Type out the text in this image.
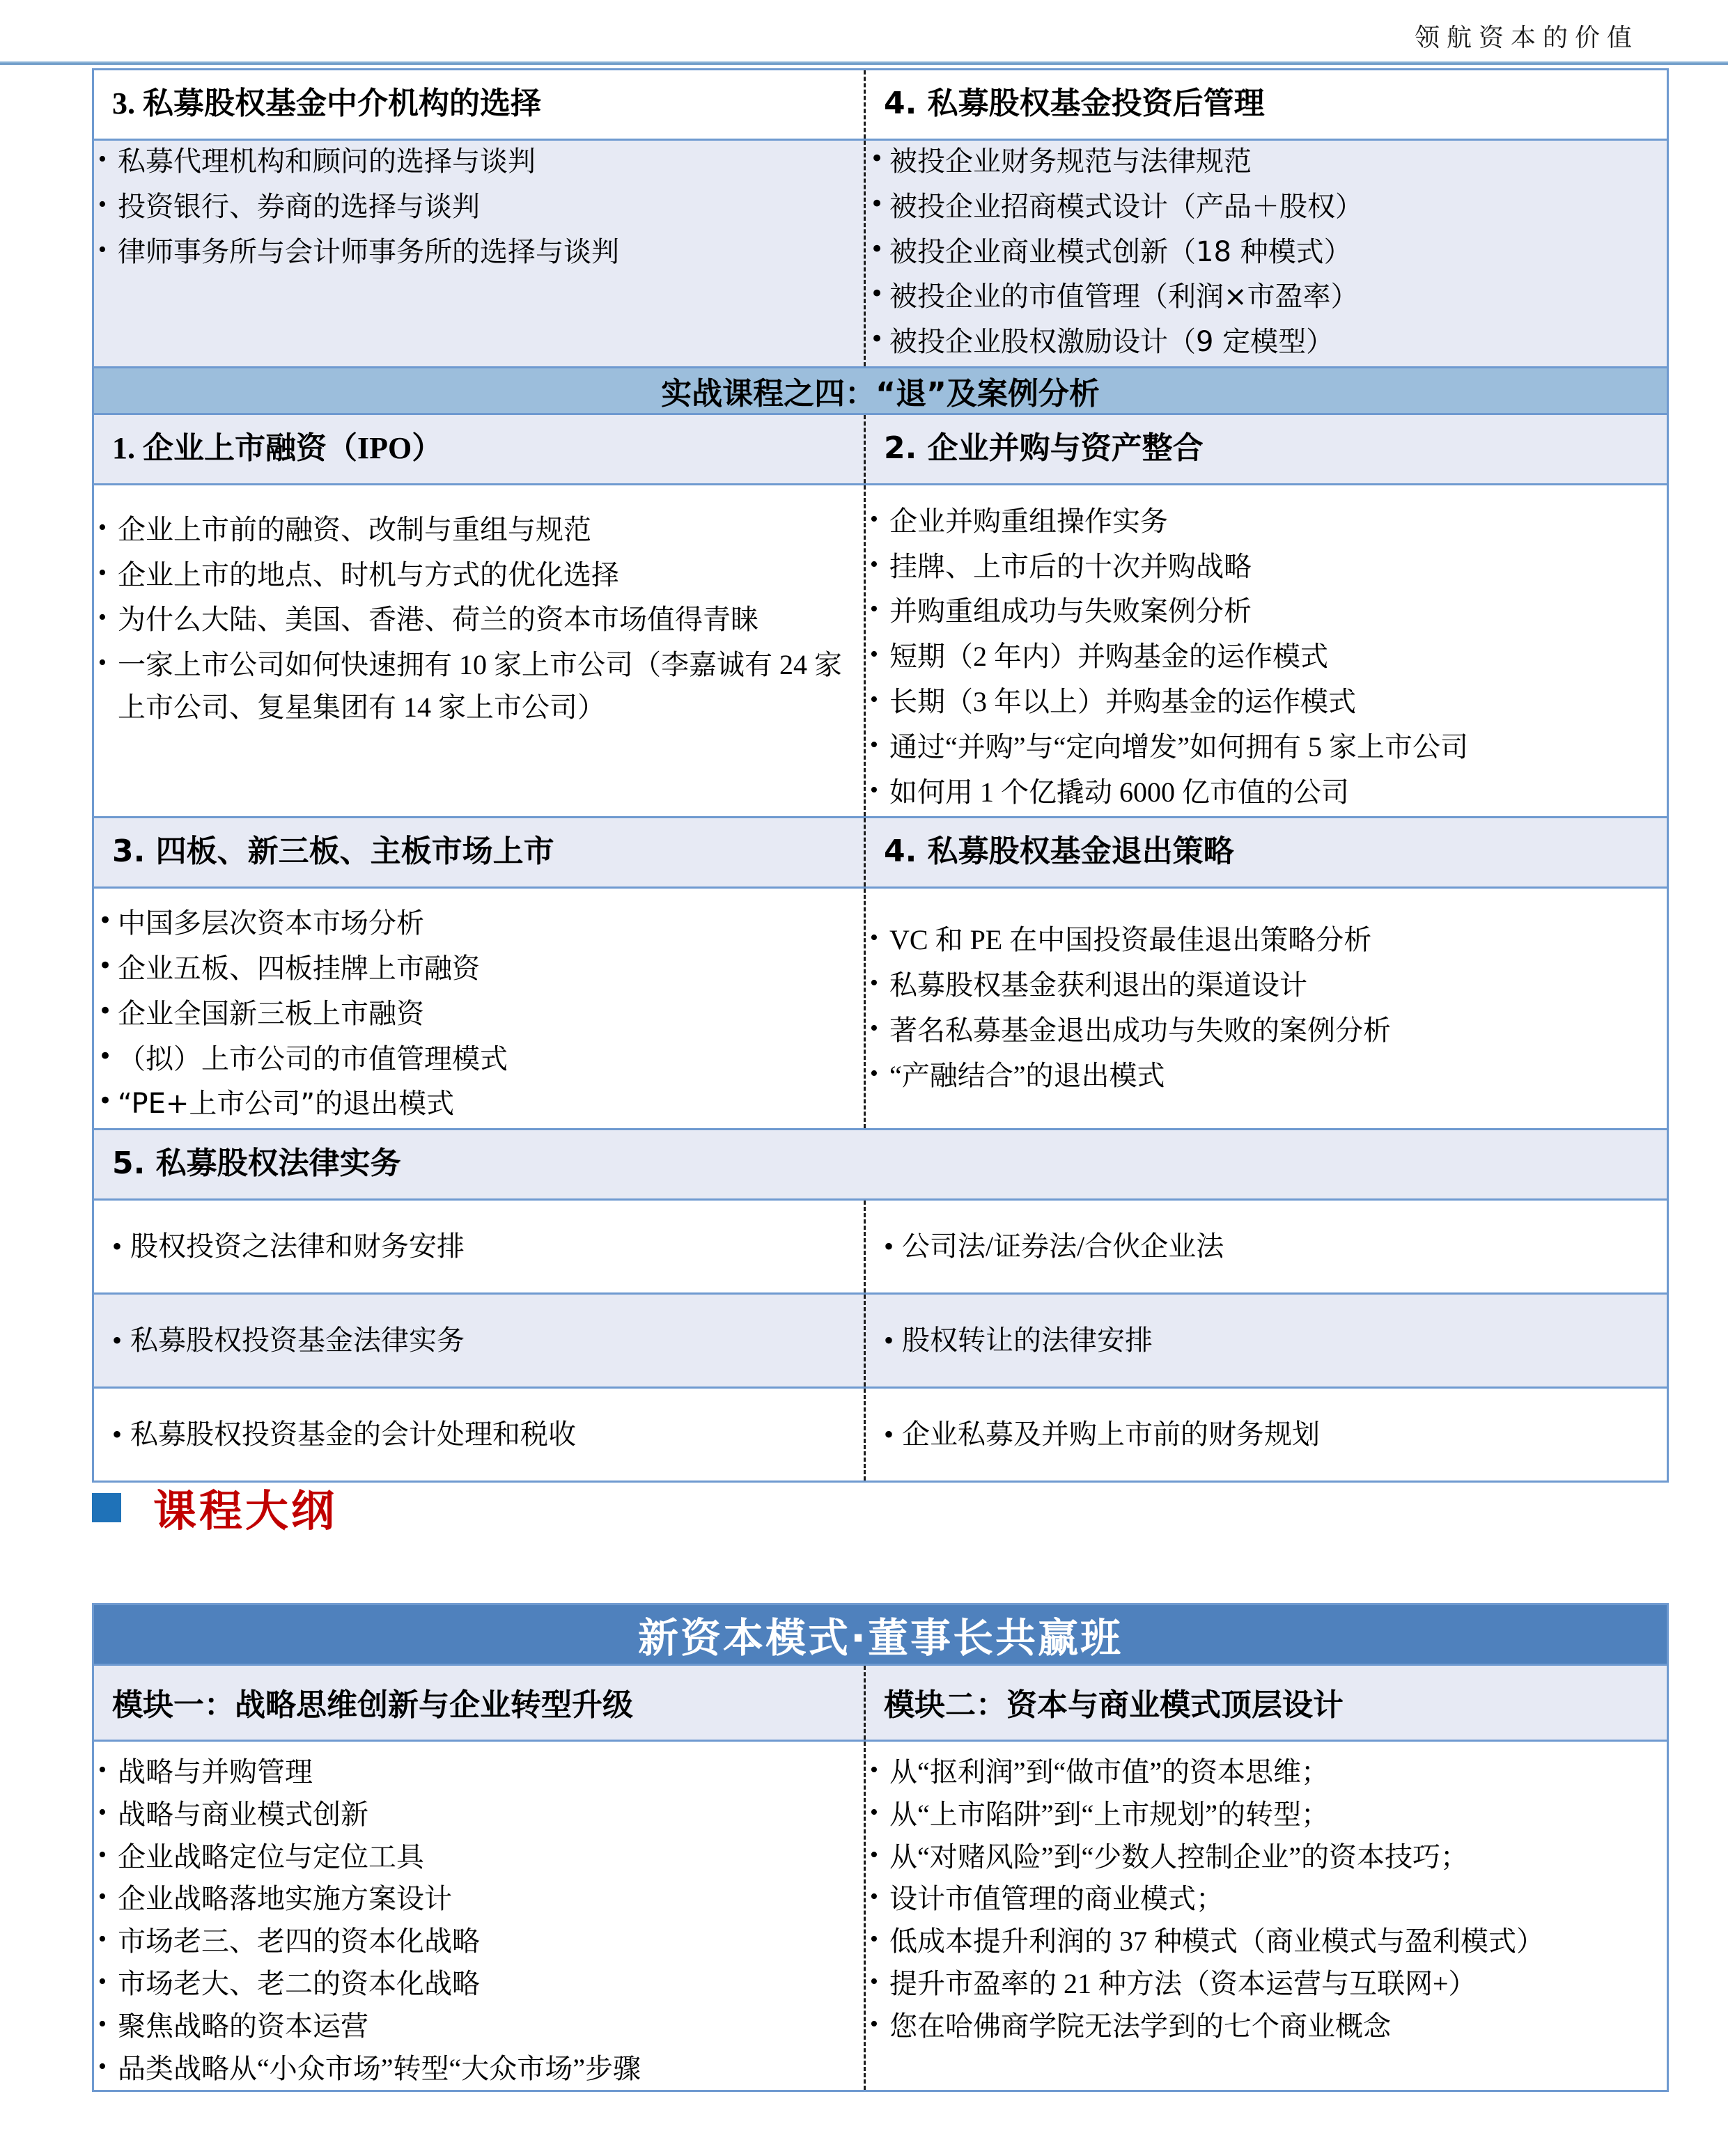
领航资本的价值
3. 私募股权基金中介机构的选择	4. 私募股权基金投资后管理

• 私募代理机构和顾问的选择与谈判
• 投资银行、券商的选择与谈判
• 律师事务所与会计师事务所的选择与谈判

• 被投企业财务规范与法律规范
• 被投企业招商模式设计（产品＋股权）
• 被投企业商业模式创新（18 种模式）
• 被投企业的市值管理（利润×市盈率）
• 被投企业股权激励设计（9 定模型）

实战课程之四：“退”及案例分析	

1. 企业上市融资（IPO）	2. 企业并购与资产整合

• 企业上市前的融资、改制与重组与规范
• 企业上市的地点、时机与方式的优化选择
• 为什么大陆、美国、香港、荷兰的资本市场值得青睐
• 一家上市公司如何快速拥有 10 家上市公司（李嘉诚有 24 家上市公司、复星集团有 14 家上市公司）

• 企业并购重组操作实务
• 挂牌、上市后的十次并购战略
• 并购重组成功与失败案例分析
• 短期（2 年内）并购基金的运作模式
• 长期（3 年以上）并购基金的运作模式
• 通过“并购”与“定向增发”如何拥有 5 家上市公司
• 如何用 1 个亿撬动 6000 亿市值的公司

3. 四板、新三板、主板市场上市	4. 私募股权基金退出策略

• 中国多层次资本市场分析
• 企业五板、四板挂牌上市融资
• 企业全国新三板上市融资
• （拟）上市公司的市值管理模式
• “PE+上市公司”的退出模式

• VC 和 PE 在中国投资最佳退出策略分析
• 私募股权基金获利退出的渠道设计
• 著名私募基金退出成功与失败的案例分析
• “产融结合”的退出模式

5. 私募股权法律实务	

• 股权投资之法律和财务安排	• 公司法/证券法/合伙企业法

• 私募股权投资基金法律实务	• 股权转让的法律安排

• 私募股权投资基金的会计处理和税收	• 企业私募及并购上市前的财务规划
课程大纲
新资本模式·董事长共赢班	

模块一：战略思维创新与企业转型升级	模块二：资本与商业模式顶层设计

• 战略与并购管理
• 战略与商业模式创新
• 企业战略定位与定位工具
• 企业战略落地实施方案设计
• 市场老三、老四的资本化战略
• 市场老大、老二的资本化战略
• 聚焦战略的资本运营
• 品类战略从“小众市场”转型“大众市场”步骤

• 从“抠利润”到“做市值”的资本思维；
• 从“上市陷阱”到“上市规划”的转型；
• 从“对赌风险”到“少数人控制企业”的资本技巧；
• 设计市值管理的商业模式；
• 低成本提升利润的 37 种模式（商业模式与盈利模式）
• 提升市盈率的 21 种方法（资本运营与互联网+）
• 您在哈佛商学院无法学到的七个商业概念
